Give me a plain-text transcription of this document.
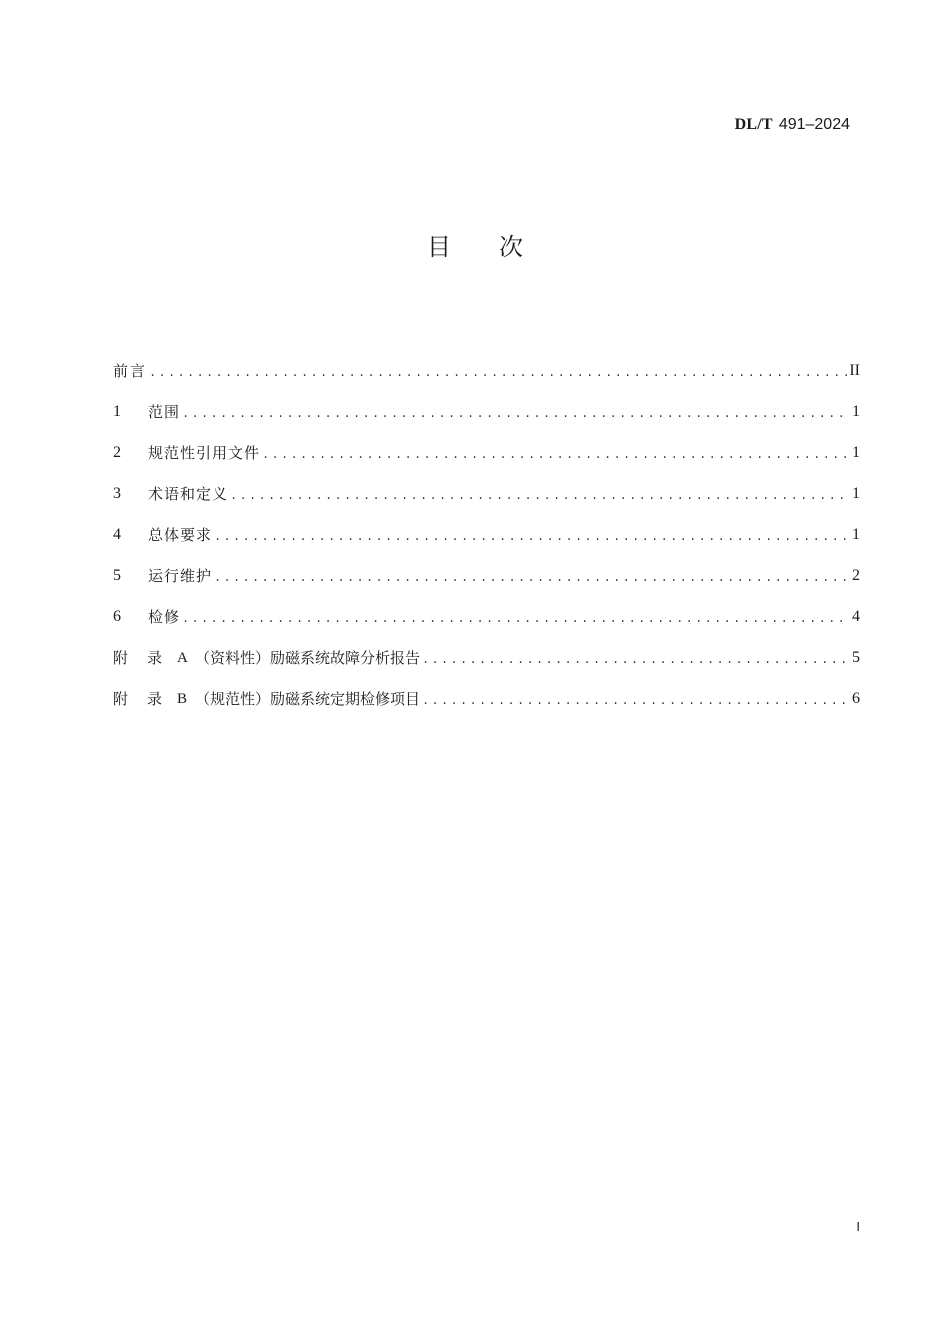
DL/T 491–2024
目 次
前言 .....	II
1	范围 .....	1
2	规范性引用文件 .....	1
3	术语和定义 .....	1
4	总体要求 .....	1
5	运行维护 .....	2
6	检修 .....	4
附	录 A （资料性）励磁系统故障分析报告 .....	5
附	录 B （规范性）励磁系统定期检修项目 .....	6
I
